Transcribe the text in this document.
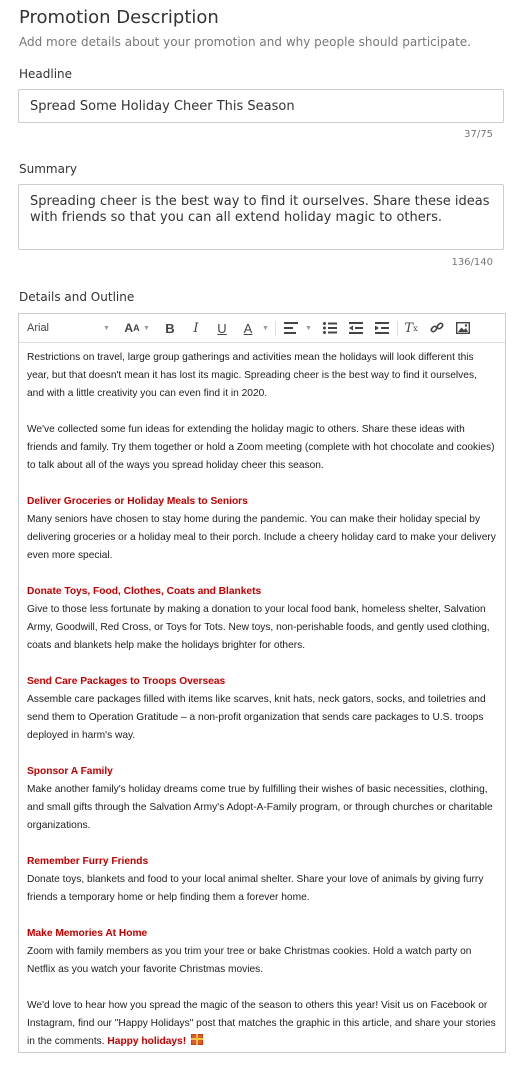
Promotion Description
Add more details about your promotion and why people should participate.
Headline
Spread Some Holiday Cheer This Season
37/75
Summary
Spreading cheer is the best way to find it ourselves. Share these ideas with friends so that you can all extend holiday magic to others.
136/140
Details and Outline
Arial	▼ A A ▼	B	I	U	A	▼	▼	T x

Restrictions on travel, large group gatherings and activities mean the holidays will look different this year, but that doesn't mean it has lost its magic. Spreading cheer is the best way to find it ourselves, and with a little creativity you can even find it in 2020.

We've collected some fun ideas for extending the holiday magic to others. Share these ideas with friends and family. Try them together or hold a Zoom meeting (complete with hot chocolate and cookies) to talk about all of the ways you spread holiday cheer this season.

Deliver Groceries or Holiday Meals to Seniors
Many seniors have chosen to stay home during the pandemic. You can make their holiday special by delivering groceries or a holiday meal to their porch. Include a cheery holiday card to make your delivery even more special.

Donate Toys, Food, Clothes, Coats and Blankets
Give to those less fortunate by making a donation to your local food bank, homeless shelter, Salvation Army, Goodwill, Red Cross, or Toys for Tots. New toys, non-perishable foods, and gently used clothing, coats and blankets help make the holidays brighter for others.

Send Care Packages to Troops Overseas
Assemble care packages filled with items like scarves, knit hats, neck gators, socks, and toiletries and send them to Operation Gratitude – a non-profit organization that sends care packages to U.S. troops deployed in harm's way.

Sponsor A Family
Make another family's holiday dreams come true by fulfilling their wishes of basic necessities, clothing, and small gifts through the Salvation Army's Adopt-A-Family program, or through churches or charitable organizations.

Remember Furry Friends
Donate toys, blankets and food to your local animal shelter. Share your love of animals by giving furry friends a temporary home or help finding them a forever home.

Make Memories At Home
Zoom with family members as you trim your tree or bake Christmas cookies. Hold a watch party on Netflix as you watch your favorite Christmas movies.

We'd love to hear how you spread the magic of the season to others this year! Visit us on Facebook or Instagram, find our "Happy Holidays" post that matches the graphic in this article, and share your stories in the comments. Happy holidays!
